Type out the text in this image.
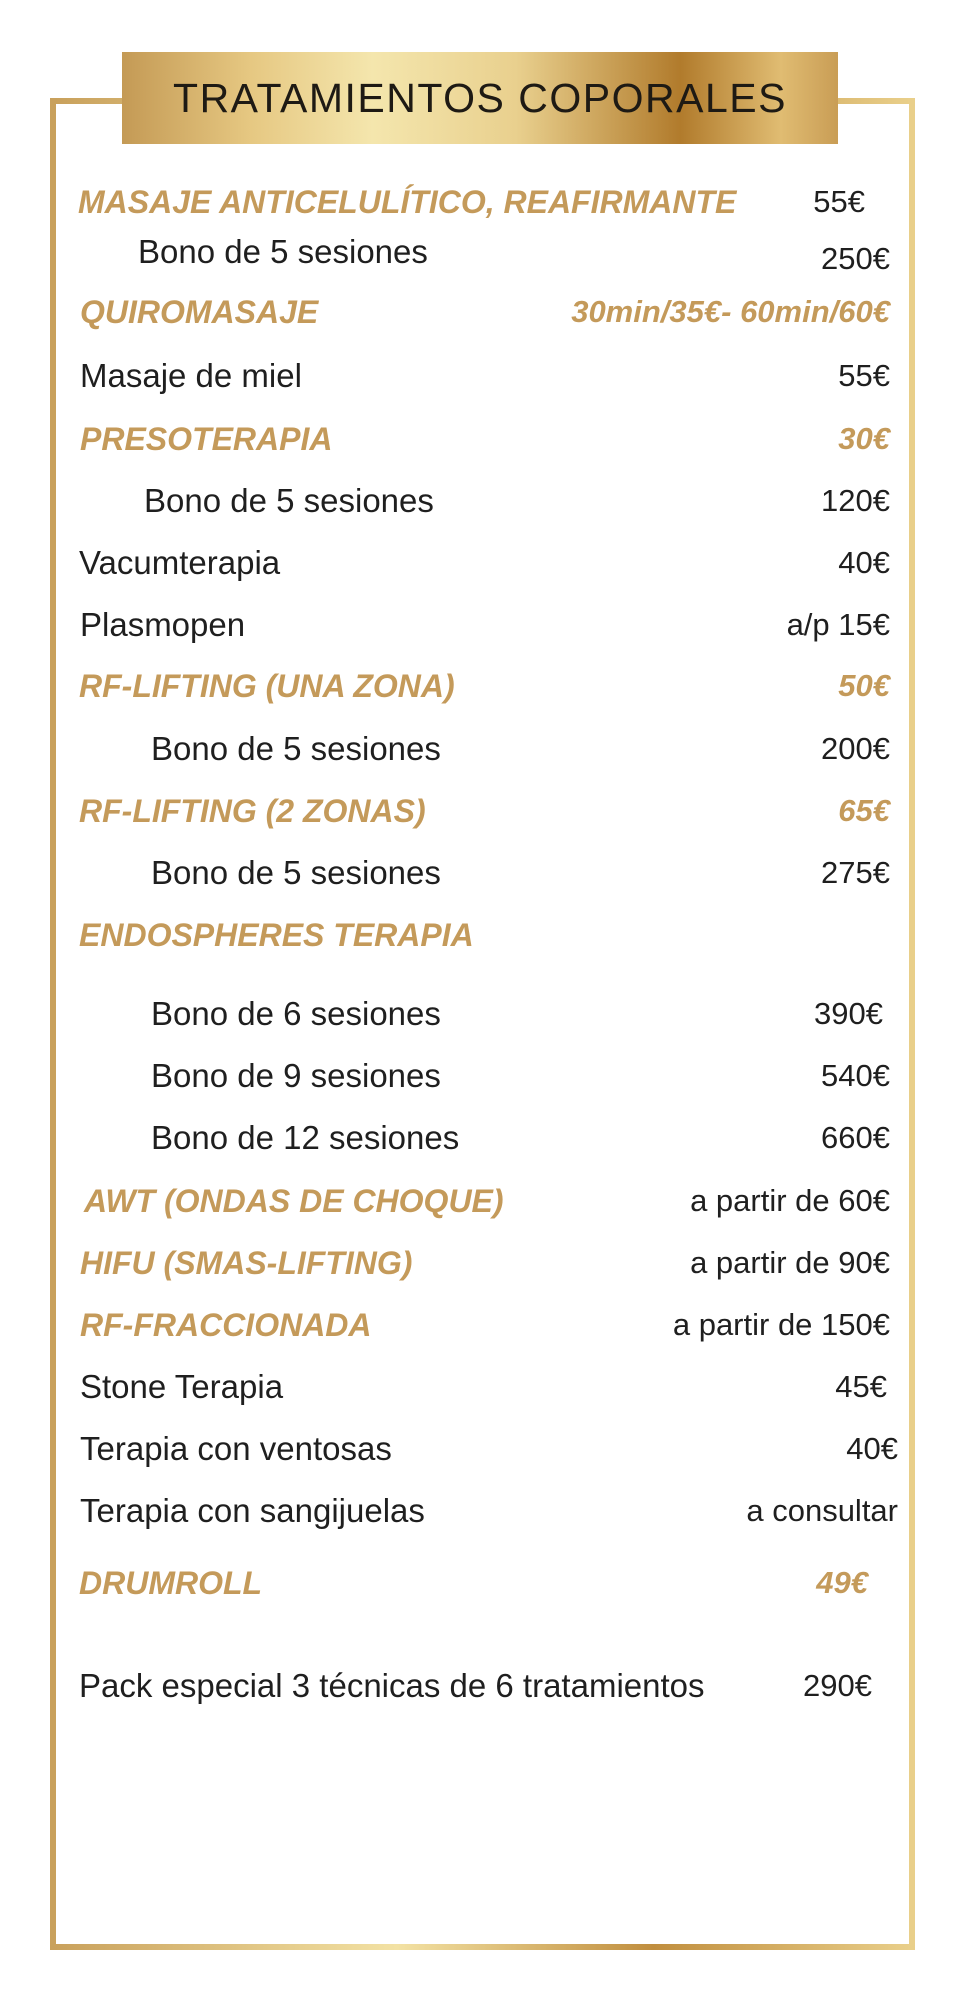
TRATAMIENTOS COPORALES
MASAJE ANTICELULÍTICO, REAFIRMANTE 55€
Bono de 5 sesiones	250€
QUIROMASAJE	30min/35€- 60min/60€
Masaje de miel	55€
PRESOTERAPIA	30€
Bono de 5 sesiones	120€
Vacumterapia	40€
Plasmopen	a/p 15€
RF-LIFTING (UNA ZONA)	50€
Bono de 5 sesiones	200€
RF-LIFTING (2 ZONAS)	65€
Bono de 5 sesiones	275€
ENDOSPHERES TERAPIA
Bono de 6 sesiones	390€
Bono de 9 sesiones	540€
Bono de 12 sesiones	660€
AWT (ONDAS DE CHOQUE)	a partir de 60€
HIFU (SMAS-LIFTING)	a partir de 90€
RF-FRACCIONADA	a partir de 150€
Stone Terapia	45€
Terapia con ventosas	40€
Terapia con sangijuelas	a consultar
DRUMROLL	49€
Pack especial 3 técnicas de 6 tratamientos	290€
